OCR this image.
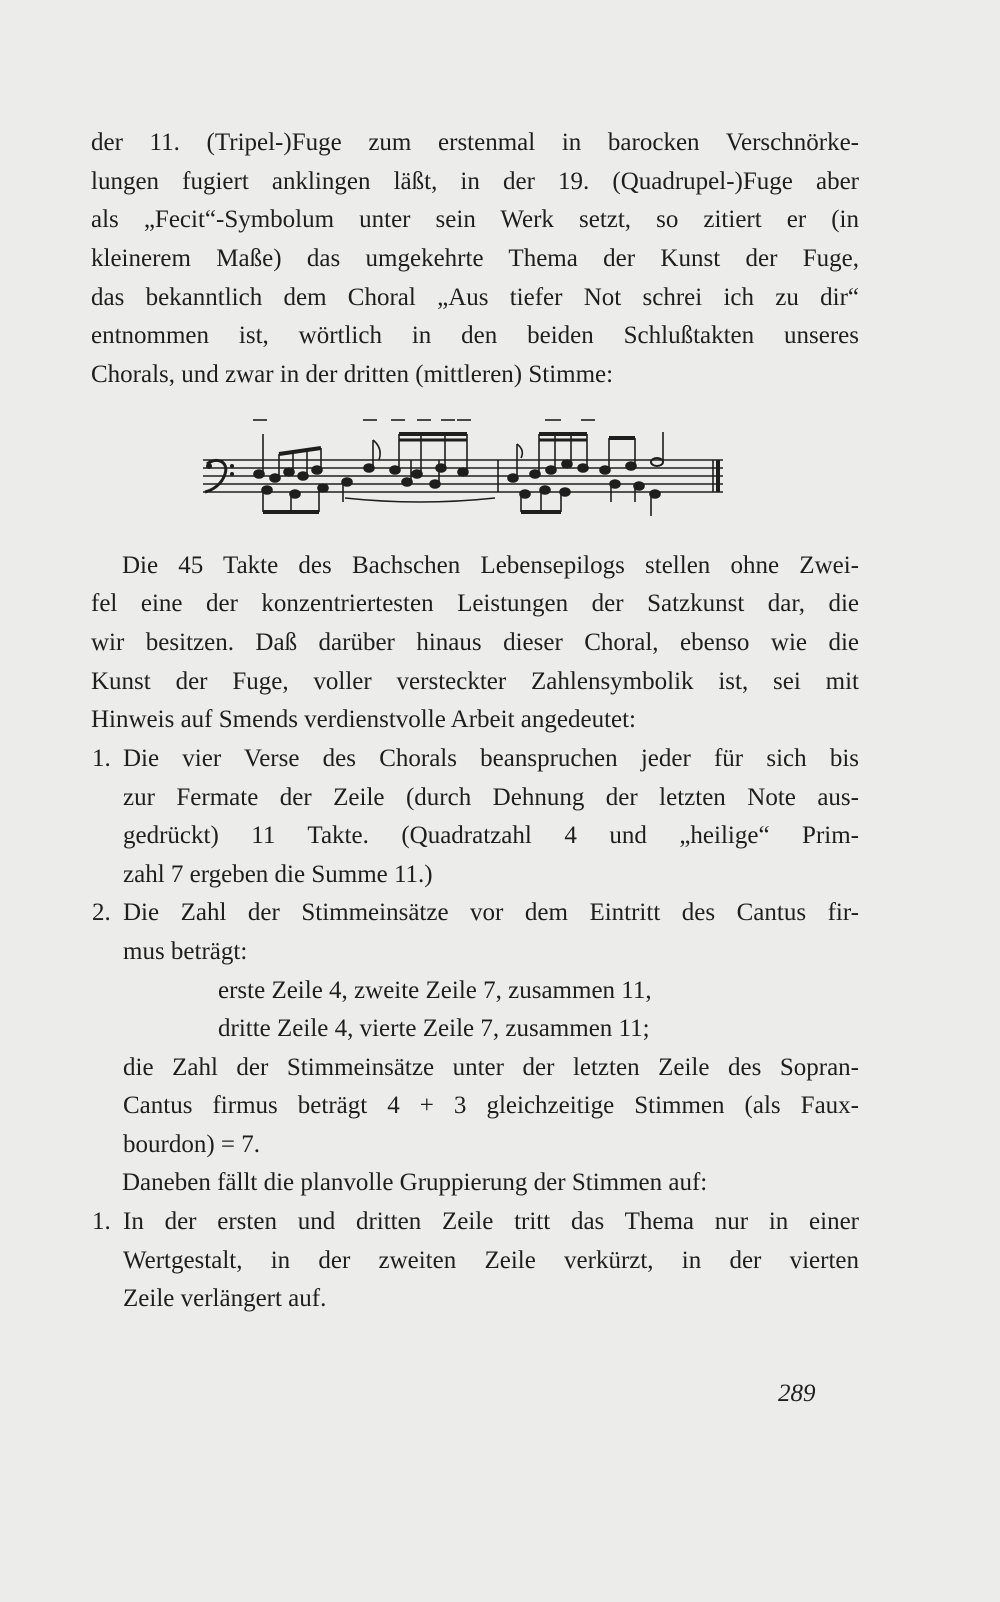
der 11. (Tripel-)Fuge zum erstenmal in barocken Verschnörke-
lungen fugiert anklingen läßt, in der 19. (Quadrupel-)Fuge aber
als „Fecit“-Symbolum unter sein Werk setzt, so zitiert er (in
kleinerem Maße) das umgekehrte Thema der Kunst der Fuge,
das bekanntlich dem Choral „Aus tiefer Not schrei ich zu dir“
entnommen ist, wörtlich in den beiden Schlußtakten unseres
Chorals, und zwar in der dritten (mittleren) Stimme:
Die 45 Takte des Bachschen Lebensepilogs stellen ohne Zwei-
fel eine der konzentriertesten Leistungen der Satzkunst dar, die
wir besitzen. Daß darüber hinaus dieser Choral, ebenso wie die
Kunst der Fuge, voller versteckter Zahlensymbolik ist, sei mit
Hinweis auf Smends verdienstvolle Arbeit angedeutet:
1. Die vier Verse des Chorals beanspruchen jeder für sich bis
zur Fermate der Zeile (durch Dehnung der letzten Note aus-
gedrückt) 11 Takte. (Quadratzahl 4 und „heilige“ Prim-
zahl 7 ergeben die Summe 11.)
2. Die Zahl der Stimmeinsätze vor dem Eintritt des Cantus fir-
mus beträgt:
erste Zeile 4, zweite Zeile 7, zusammen 11,
dritte Zeile 4, vierte Zeile 7, zusammen 11;
die Zahl der Stimmeinsätze unter der letzten Zeile des Sopran-
Cantus firmus beträgt 4 + 3 gleichzeitige Stimmen (als Faux-
bourdon) = 7.
Daneben fällt die planvolle Gruppierung der Stimmen auf:
1. In der ersten und dritten Zeile tritt das Thema nur in einer
Wertgestalt, in der zweiten Zeile verkürzt, in der vierten
Zeile verlängert auf.
289
